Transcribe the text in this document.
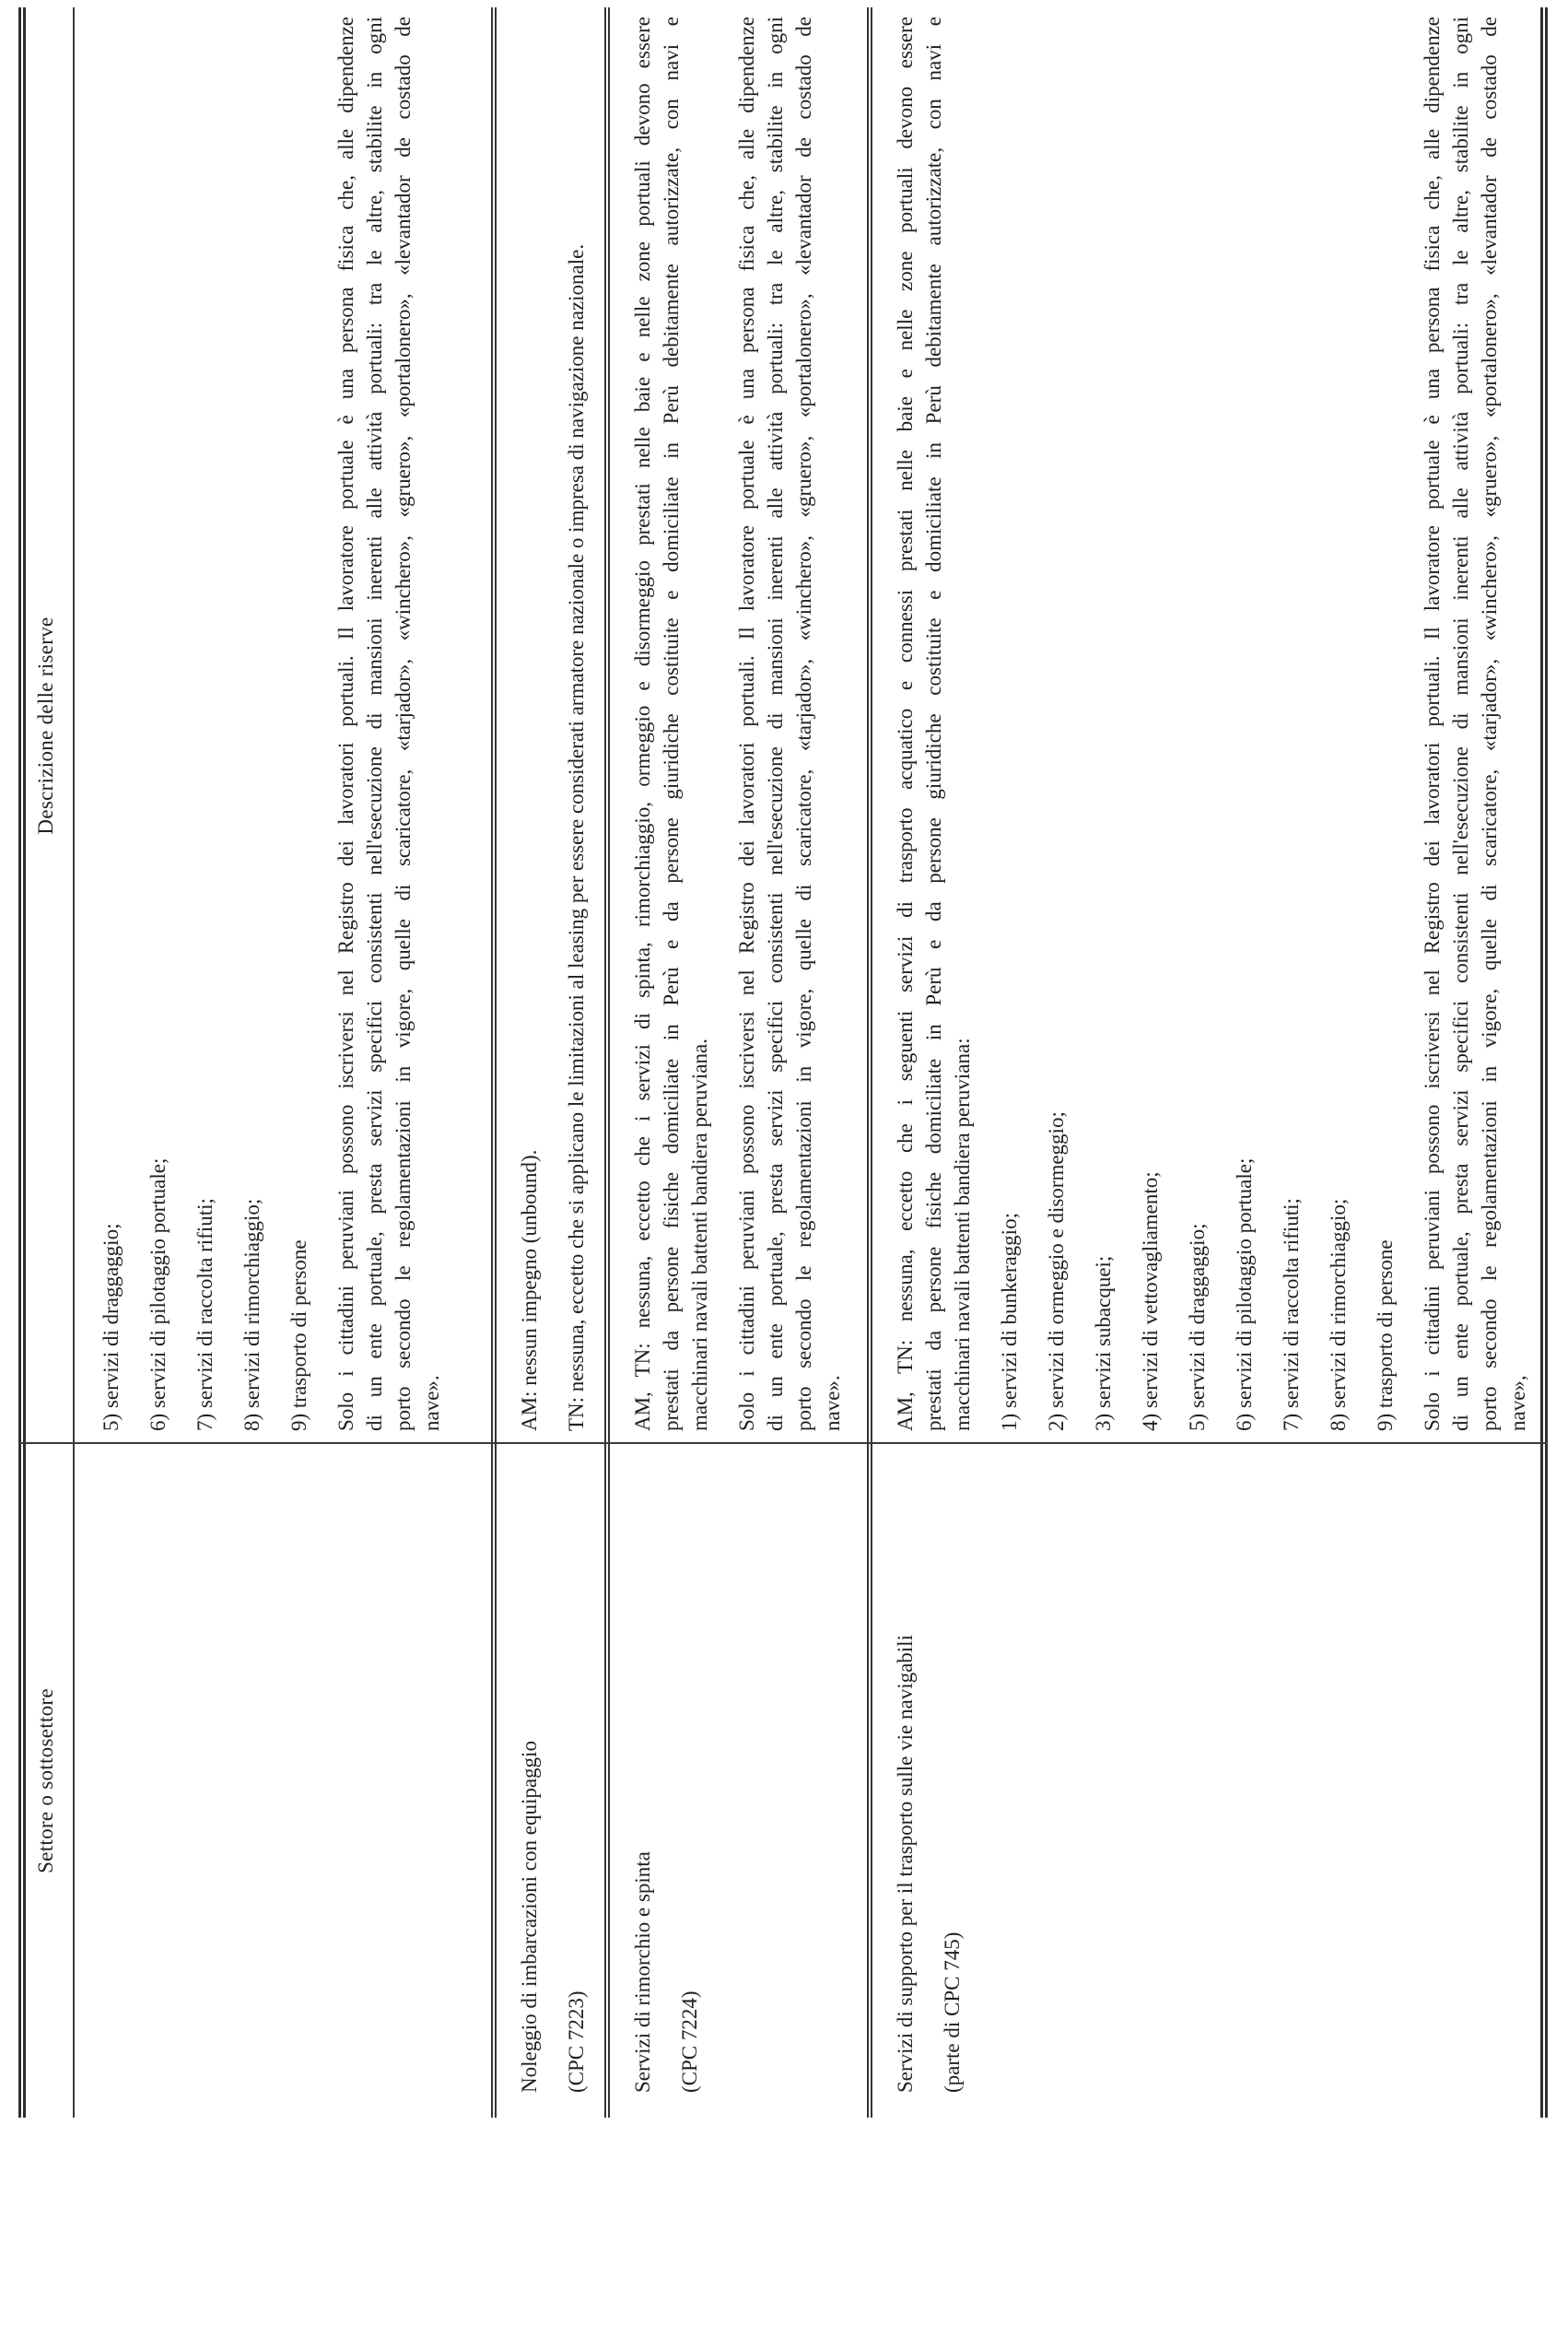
Settore o sottosettore
Descrizione delle riserve
5) servizi di draggaggio; 6) servizi di pilotaggio portuale; 7) servizi di raccolta rifiuti; 8) servizi di rimorchiaggio; 9) trasporto di persone Solo i cittadini peruviani possono iscriversi nel Registro dei lavoratori portuali. Il lavoratore portuale è una persona fisica che, alle dipendenze di un ente portuale, presta servizi specifici consistenti nell'esecuzione di mansioni inerenti alle attività portuali: tra le altre, stabilite in ogni porto secondo le regolamentazioni in vigore, quelle di scaricatore, «tarjador», «winchero», «gruero», «portalonero», «levantador de costado de nave».
Noleggio di imbarcazioni con equipaggio (CPC 7223)
AM: nessun impegno (unbound). TN: nessuna, eccetto che si applicano le limitazioni al leasing per essere considerati armatore nazionale o impresa di navigazione nazionale.
Servizi di rimorchio e spinta (CPC 7224)
AM, TN: nessuna, eccetto che i servizi di spinta, rimorchiaggio, ormeggio e disormeggio prestati nelle baie e nelle zone portuali devono essere prestati da persone fisiche domiciliate in Perù e da persone giuridiche costituite e domiciliate in Perù debitamente autorizzate, con navi e macchinari navali battenti bandiera peruviana. Solo i cittadini peruviani possono iscriversi nel Registro dei lavoratori portuali. Il lavoratore portuale è una persona fisica che, alle dipendenze di un ente portuale, presta servizi specifici consistenti nell'esecuzione di mansioni inerenti alle attività portuali: tra le altre, stabilite in ogni porto secondo le regolamentazioni in vigore, quelle di scaricatore, «tarjador», «winchero», «gruero», «portalonero», «levantador de costado de nave».
Servizi di supporto per il trasporto sulle vie navigabili (parte di CPC 745)
AM, TN: nessuna, eccetto che i seguenti servizi di trasporto acquatico e connessi prestati nelle baie e nelle zone portuali devono essere prestati da persone fisiche domiciliate in Perù e da persone giuridiche costituite e domiciliate in Perù debitamente autorizzate, con navi e macchinari navali battenti bandiera peruviana: 1) servizi di bunkeraggio; 2) servizi di ormeggio e disormeggio; 3) servizi subacquei; 4) servizi di vettovagliamento; 5) servizi di draggaggio; 6) servizi di pilotaggio portuale; 7) servizi di raccolta rifiuti; 8) servizi di rimorchiaggio; 9) trasporto di persone Solo i cittadini peruviani possono iscriversi nel Registro dei lavoratori portuali. Il lavoratore portuale è una persona fisica che, alle dipendenze di un ente portuale, presta servizi specifici consistenti nell'esecuzione di mansioni inerenti alle attività portuali: tra le altre, stabilite in ogni porto secondo le regolamentazioni in vigore, quelle di scaricatore, «tarjador», «winchero», «gruero», «portalonero», «levantador de costado de nave»,
